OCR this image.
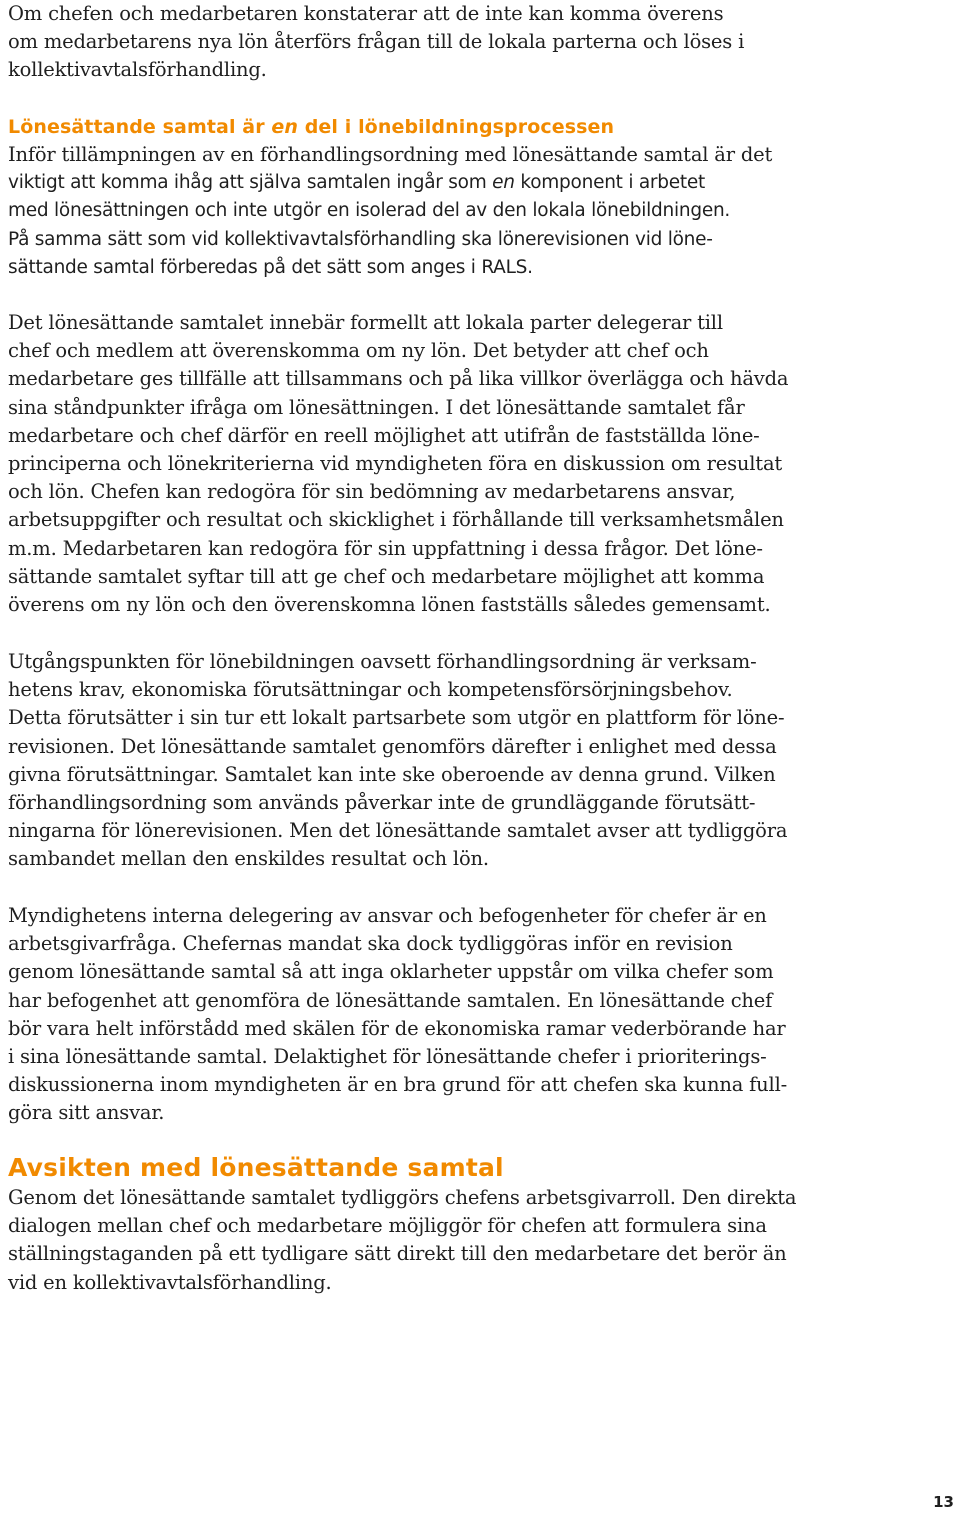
Om chefen och medarbetaren konstaterar att de inte kan komma överens
om medarbetarens nya lön återförs frågan till de lokala parterna och löses i
kollektivavtalsförhandling.

Lönesättande samtal är en del i lönebildningsprocessen

Inför tillämpningen av en förhandlingsordning med lönesättande samtal är det
viktigt att komma ihåg att själva samtalen ingår som en komponent i arbetet
med lönesättningen och inte utgör en isolerad del av den lokala lönebildningen.
På samma sätt som vid kollektivavtalsförhandling ska lönerevisionen vid löne-
sättande samtal förberedas på det sätt som anges i RALS.

Det lönesättande samtalet innebär formellt att lokala parter delegerar till
chef och medlem att överenskomma om ny lön. Det betyder att chef och
medarbetare ges tillfälle att tillsammans och på lika villkor överlägga och hävda
sina ståndpunkter ifråga om lönesättningen. I det lönesättande samtalet får
medarbetare och chef därför en reell möjlighet att utifrån de fastställda löne-
principerna och lönekriterierna vid myndigheten föra en diskussion om resultat
och lön. Chefen kan redogöra för sin bedömning av medarbetarens ansvar,
arbetsuppgifter och resultat och skicklighet i förhållande till verksamhetsmålen
m.m. Medarbetaren kan redogöra för sin uppfattning i dessa frågor. Det löne-
sättande samtalet syftar till att ge chef och medarbetare möjlighet att komma
överens om ny lön och den överenskomna lönen fastställs således gemensamt.

Utgångspunkten för lönebildningen oavsett förhandlingsordning är verksam-
hetens krav, ekonomiska förutsättningar och kompetensförsörjningsbehov.
Detta förutsätter i sin tur ett lokalt partsarbete som utgör en plattform för löne-
revisionen. Det lönesättande samtalet genomförs därefter i enlighet med dessa
givna förutsättningar. Samtalet kan inte ske oberoende av denna grund. Vilken
förhandlingsordning som används påverkar inte de grundläggande förutsätt-
ningarna för lönerevisionen. Men det lönesättande samtalet avser att tydliggöra
sambandet mellan den enskildes resultat och lön.

Myndighetens interna delegering av ansvar och befogenheter för chefer är en
arbetsgivarfråga. Chefernas mandat ska dock tydliggöras inför en revision
genom lönesättande samtal så att inga oklarheter uppstår om vilka chefer som
har befogenhet att genomföra de lönesättande samtalen. En lönesättande chef
bör vara helt införstådd med skälen för de ekonomiska ramar vederbörande har
i sina lönesättande samtal. Delaktighet för lönesättande chefer i prioriterings-
diskussionerna inom myndigheten är en bra grund för att chefen ska kunna full-
göra sitt ansvar.

Avsikten med lönesättande samtal

Genom det lönesättande samtalet tydliggörs chefens arbetsgivarroll. Den direkta
dialogen mellan chef och medarbetare möjliggör för chefen att formulera sina
ställningstaganden på ett tydligare sätt direkt till den medarbetare det berör än
vid en kollektivavtalsförhandling.

13
